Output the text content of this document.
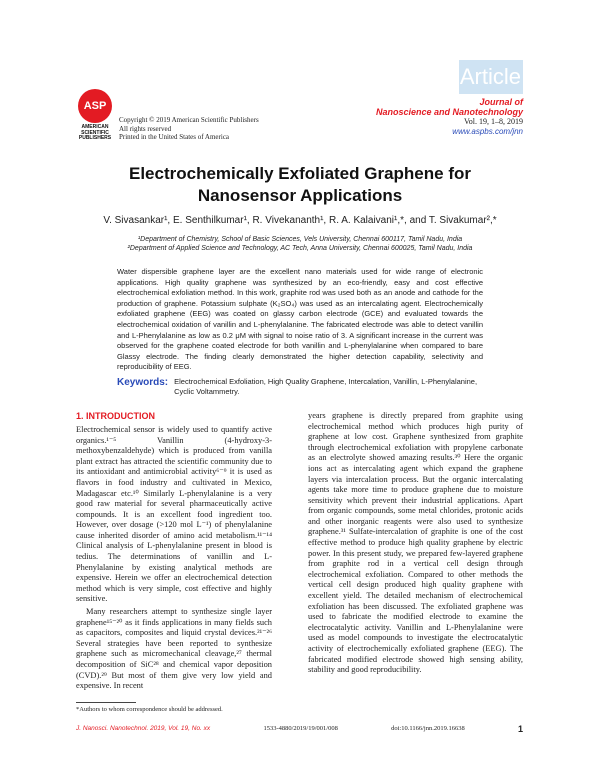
Article
ASP
AMERICAN
SCIENTIFIC
PUBLISHERS
Copyright © 2019 American Scientific Publishers
All rights reserved
Printed in the United States of America
Journal of
Nanoscience and Nanotechnology
Vol. 19, 1–8, 2019
www.aspbs.com/jnn
Electrochemically Exfoliated Graphene for
Nanosensor Applications
V. Sivasankar¹, E. Senthilkumar¹, R. Vivekananth¹, R. A. Kalaivani¹,*, and T. Sivakumar²,*
¹Department of Chemistry, School of Basic Sciences, Vels University, Chennai 600117, Tamil Nadu, India
²Department of Applied Science and Technology, AC Tech, Anna University, Chennai 600025, Tamil Nadu, India
Water dispersible graphene layer are the excellent nano materials used for wide range of electronic applications. High quality graphene was synthesized by an eco-friendly, easy and cost effective electrochemical exfoliation method. In this work, graphite rod was used both as an anode and cathode for the production of graphene. Potassium sulphate (K₂SO₄) was used as an intercalating agent. Electrochemically exfoliated graphene (EEG) was coated on glassy carbon electrode (GCE) and evaluated towards the electrochemical oxidation of vanillin and L-phenylalanine. The fabricated electrode was able to detect vanillin and L-Phenylalanine as low as 0.2 μM with signal to noise ratio of 3. A significant increase in the current was observed for the graphene coated electrode for both vanillin and L-phenylalanine when compared to bare Glassy electrode. The finding clearly demonstrated the higher detection capability, selectivity and reproducibility of EEG.
Keywords: Electrochemical Exfoliation, High Quality Graphene, Intercalation, Vanillin, L-Phenylalanine, Cyclic Voltammetry.
1. INTRODUCTION

Electrochemical sensor is widely used to quantify active organics.¹⁻⁵ Vanillin (4-hydroxy-3-methoxybenzaldehyde) which is produced from vanilla plant extract has attracted the scientific community due to its antioxidant and antimicrobial activity⁶⁻⁹ it is used as flavors in food industry and cultivated in Mexico, Madagascar etc.¹⁰ Similarly L-phenylalanine is a very good raw material for several pharmaceutically active compounds. It is an excellent food ingredient too. However, over dosage (>120 mol L⁻¹) of phenylalanine cause inherited disorder of amino acid metabolism.¹¹⁻¹⁴ Clinical analysis of L-phenylalanine present in blood is tedius. The determinations of vanillin and L-Phenylalanine by existing analytical methods are expensive. Herein we offer an electrochemical detection method which is very simple, cost effective and highly sensitive.

Many researchers attempt to synthesize single layer graphene¹⁵⁻²⁰ as it finds applications in many fields such as capacitors, composites and liquid crystal devices.²¹⁻²⁶ Several strategies have been reported to synthesize graphene such as micromechanical cleavage,²⁷ thermal decomposition of SiC²⁸ and chemical vapor deposition (CVD).²⁹ But most of them give very low yield and expensive. In recent

*Authors to whom correspondence should be addressed.

years graphene is directly prepared from graphite using electrochemical method which produces high purity of graphene at low cost. Graphene synthesized from graphite through electrochemical exfoliation with propylene carbonate as an electrolyte showed amazing results.³⁰ Here the organic ions act as intercalating agent which expand the graphene layers via intercalation process. But the organic intercalating agents take more time to produce graphene due to moisture sensitivity which prevent their industrial applications. Apart from organic compounds, some metal chlorides, protonic acids and other inorganic reagents were also used to synthesize graphene.³¹ Sulfate-intercalation of graphite is one of the cost effective method to produce high quality graphene by electric power. In this present study, we prepared few-layered graphene from graphite rod in a vertical cell design through electrochemical exfoliation. Compared to other methods the vertical cell design produced high quality graphene with excellent yield. The detailed mechanism of electrochemical exfoliation has been discussed. The exfoliated graphene was used to fabricate the modified electrode to examine the electrocatalytic activity. Vanillin and L-Phenylalanine were used as model compounds to investigate the electrocatalytic activity of electrochemically exfoliated graphene (EEG). The fabricated modified electrode showed high sensing ability, stability and good reproducibility.

J. Nanosci. Nanotechnol. 2019, Vol. 19, No. xx	1533-4880/2019/19/001/008	doi:10.1166/jnn.2019.16638	1
